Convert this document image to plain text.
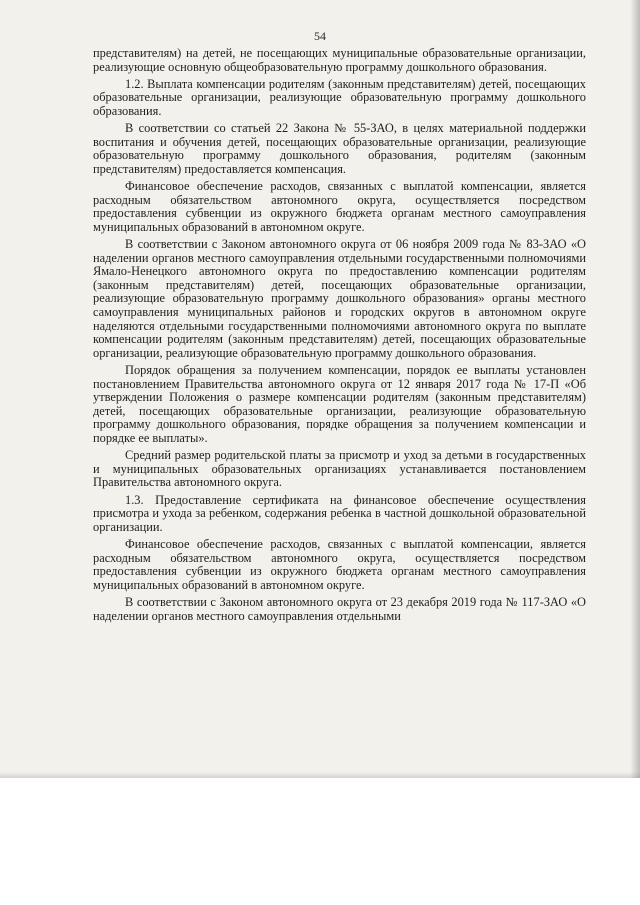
54

представителям) на детей, не посещающих муниципальные образовательные организации, реализующие основную общеобразовательную программу дошкольного образования.

1.2. Выплата компенсации родителям (законным представителям) детей, посещающих образовательные организации, реализующие образовательную программу дошкольного образования.

В соответствии со статьей 22 Закона № 55-ЗАО, в целях материальной поддержки воспитания и обучения детей, посещающих образовательные организации, реализующие образовательную программу дошкольного образования, родителям (законным представителям) предоставляется компенсация.

Финансовое обеспечение расходов, связанных с выплатой компенсации, является расходным обязательством автономного округа, осуществляется посредством предоставления субвенции из окружного бюджета органам местного самоуправления муниципальных образований в автономном округе.

В соответствии с Законом автономного округа от 06 ноября 2009 года № 83-ЗАО «О наделении органов местного самоуправления отдельными государственными полномочиями Ямало-Ненецкого автономного округа по предоставлению компенсации родителям (законным представителям) детей, посещающих образовательные организации, реализующие образовательную программу дошкольного образования» органы местного самоуправления муниципальных районов и городских округов в автономном округе наделяются отдельными государственными полномочиями автономного округа по выплате компенсации родителям (законным представителям) детей, посещающих образовательные организации, реализующие образовательную программу дошкольного образования.

Порядок обращения за получением компенсации, порядок ее выплаты установлен постановлением Правительства автономного округа от 12 января 2017 года № 17-П «Об утверждении Положения о размере компенсации родителям (законным представителям) детей, посещающих образовательные организации, реализующие образовательную программу дошкольного образования, порядке обращения за получением компенсации и порядке ее выплаты».

Средний размер родительской платы за присмотр и уход за детьми в государственных и муниципальных образовательных организациях устанавливается постановлением Правительства автономного округа.

1.3. Предоставление сертификата на финансовое обеспечение осуществления присмотра и ухода за ребенком, содержания ребенка в частной дошкольной образовательной организации.

Финансовое обеспечение расходов, связанных с выплатой компенсации, является расходным обязательством автономного округа, осуществляется посредством предоставления субвенции из окружного бюджета органам местного самоуправления муниципальных образований в автономном округе.

В соответствии с Законом автономного округа от 23 декабря 2019 года № 117-ЗАО «О наделении органов местного самоуправления отдельными
